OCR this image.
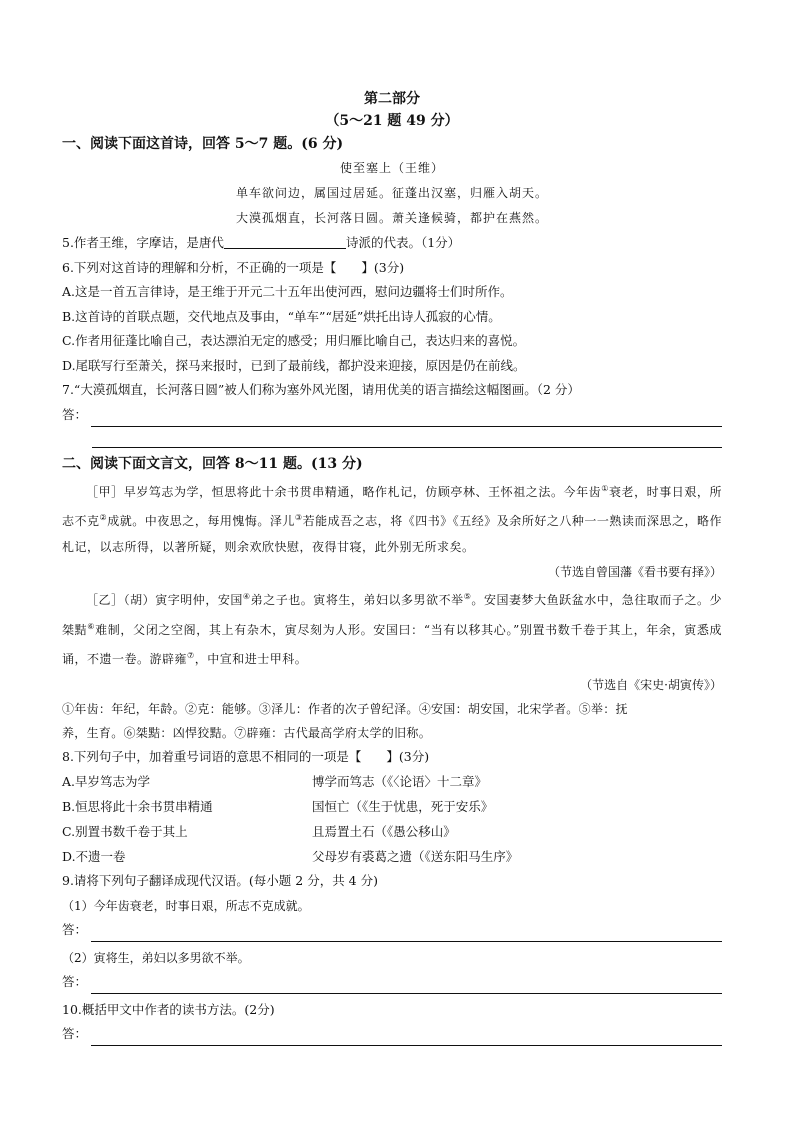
第二部分
（5～21 题 49 分）
一、阅读下面这首诗，回答 5～7 题。(6 分)
使至塞上（王维）
单车欲问边，属国过居延。征蓬出汉塞，归雁入胡天。
大漠孤烟直，长河落日圆。萧关逢候骑，都护在燕然。
5.作者王维，字摩诘，是唐代	诗派的代表。（1分）
6.下列对这首诗的理解和分析，不正确的一项是【　　】(3分)
A.这是一首五言律诗，是王维于开元二十五年出使河西，慰问边疆将士们时所作。
B.这首诗的首联点题，交代地点及事由，“单车”“居延”烘托出诗人孤寂的心情。
C.作者用征蓬比喻自己，表达漂泊无定的感受；用归雁比喻自己，表达归来的喜悦。
D.尾联写行至萧关，探马来报时，已到了最前线，都护没来迎接，原因是仍在前线。
7.“大漠孤烟直，长河落日圆”被人们称为塞外风光图，请用优美的语言描绘这幅图画。（2 分）
答：
二、阅读下面文言文，回答 8～11 题。(13 分)
［甲］早岁笃志为学，恒思将此十余书贯串精通，略作札记，仿顾亭林、王怀祖之法。今年齿①衰老，时事日艰，所志不克②成就。中夜思之，每用愧悔。泽儿③若能成吾之志，将《四书》《五经》及余所好之八种一一熟读而深思之，略作札记，以志所得，以著所疑，则余欢欣快慰，夜得甘寝，此外别无所求矣。
（节选自曾国藩《看书要有择》）
［乙］（胡）寅字明仲，安国④弟之子也。寅将生，弟妇以多男欲不举⑤。安国妻梦大鱼跃盆水中，急往取而子之。少桀黠⑥难制，父闭之空阁，其上有杂木，寅尽刻为人形。安国曰：“当有以移其心。”别置书数千卷于其上，年余，寅悉成诵，不遗一卷。游辟雍⑦，中宣和进士甲科。
（节选自《宋史·胡寅传》）
①年齿：年纪，年龄。②克：能够。③泽儿：作者的次子曾纪泽。④安国：胡安国，北宋学者。⑤举：抚
养，生育。⑥桀黠：凶悍狡黠。⑦辟雍：古代最高学府太学的旧称。
8.下列句子中，加着重号词语的意思不相同的一项是【　　】(3分)
A.早岁笃志为学	博学而笃志（《〈论语〉十二章》
B.恒思将此十余书贯串精通	国恒亡（《生于忧患，死于安乐》
C.别置书数千卷于其上	且焉置土石（《愚公移山》
D.不遗一卷	父母岁有裘葛之遗（《送东阳马生序》
9.请将下列句子翻译成现代汉语。(每小题 2 分，共 4 分)
（1）今年齿衰老，时事日艰，所志不克成就。
答：
（2）寅将生，弟妇以多男欲不举。
答：
10.概括甲文中作者的读书方法。(2分)
答：
